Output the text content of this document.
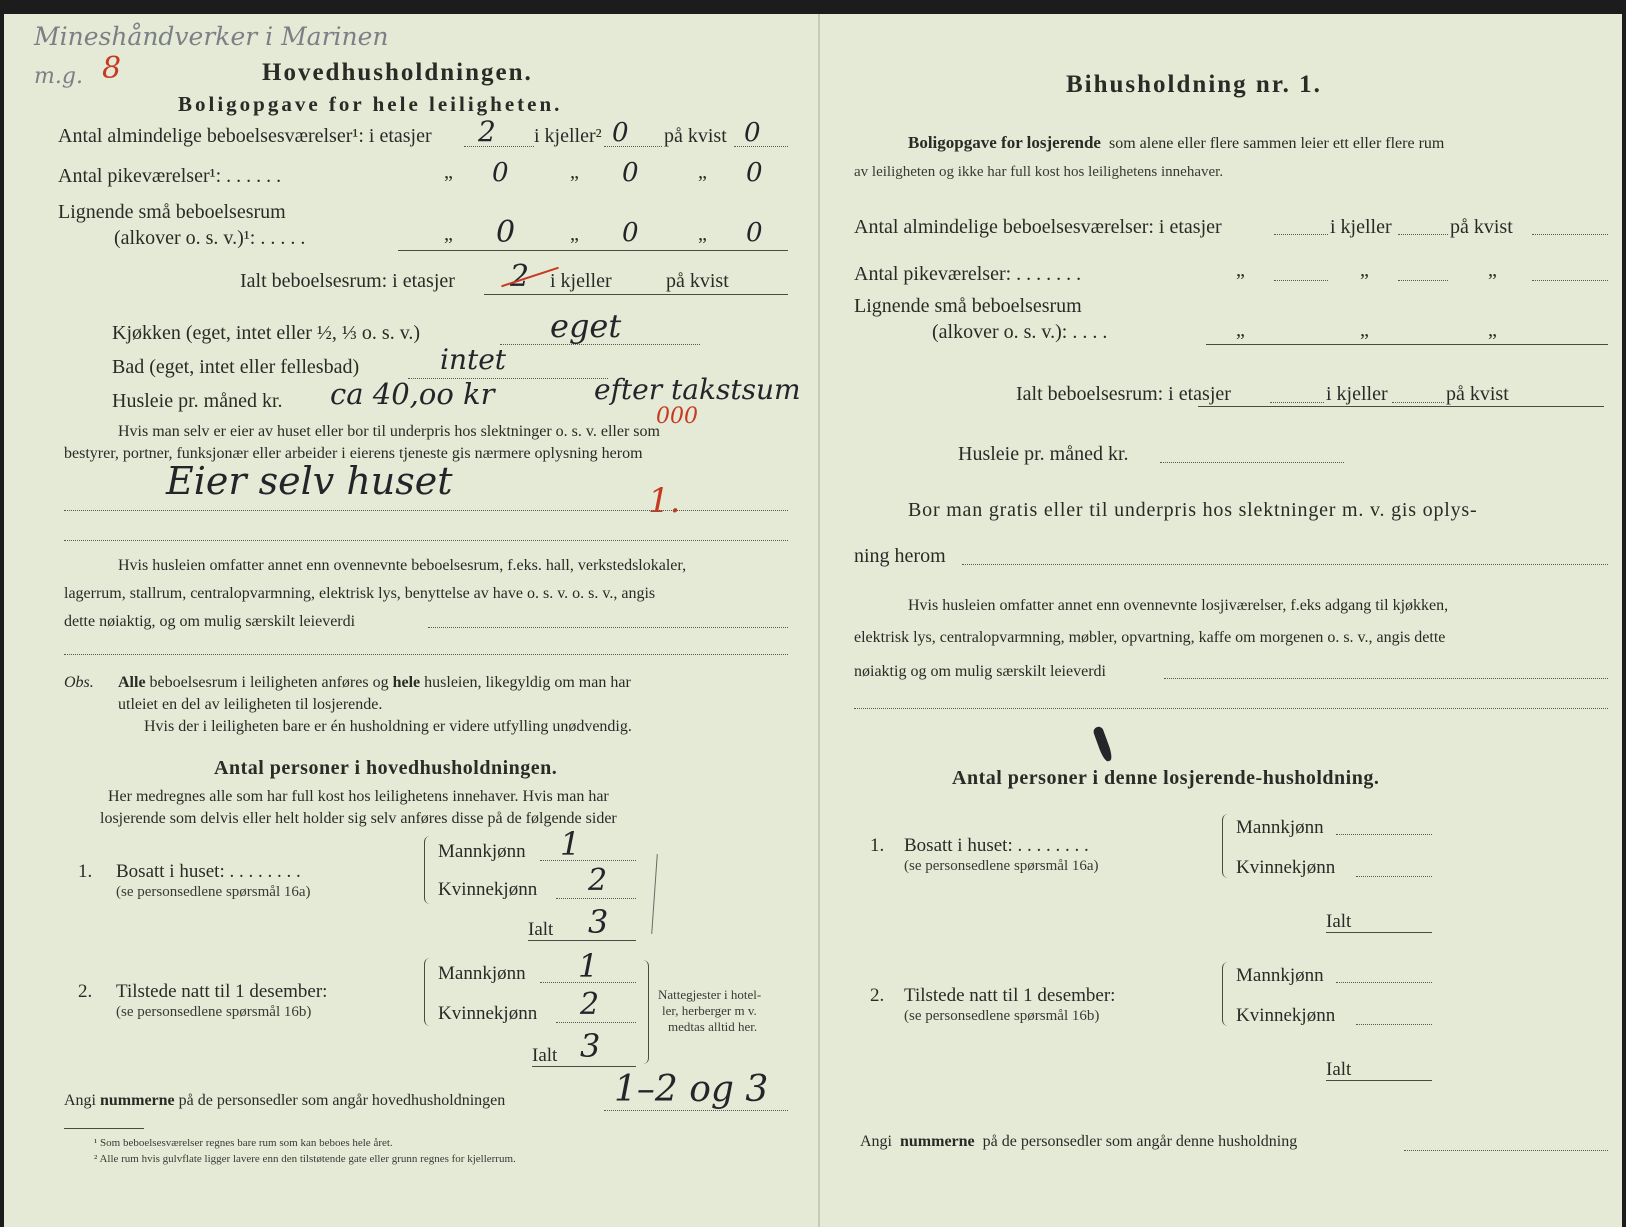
Mineshåndverker i Marinen
m.g. 8	Hovedhusholdningen.
Boligopgave for hele leiligheten.
Antal almindelige beboelsesværelser¹: i etasjer 2 i kjeller² 0 på kvist 0
Antal pikeværelser¹: . . . . . .	„ 0	„ 0	„ 0
Lignende små beboelsesrum
(alkover o. s. v.)¹: . . . . .	„ 0	„ 0	„ 0
Ialt beboelsesrum: i etasjer 2 i kjeller	på kvist
Kjøkken (eget, intet eller ½, ⅓ o. s. v.)	eget
Bad (eget, intet eller fellesbad)	intet
Husleie pr. måned kr. ca 40,oo kr	efter takstsum
000
Hvis man selv er eier av huset eller bor til underpris hos slektninger o. s. v. eller som
bestyrer, portner, funksjonær eller arbeider i eierens tjeneste gis nærmere oplysning herom
Eier selv huset	1.
Hvis husleien omfatter annet enn ovennevnte beboelsesrum, f.eks. hall, verkstedslokaler,
lagerrum, stallrum, centralopvarmning, elektrisk lys, benyttelse av have o. s. v. o. s. v., angis
dette nøiaktig, og om mulig særskilt leieverdi
Obs. Alle beboelsesrum i leiligheten anføres og hele husleien, likegyldig om man har
utleiet en del av leiligheten til losjerende.
Hvis der i leiligheten bare er én husholdning er videre utfylling unødvendig.
Antal personer i hovedhusholdningen.
Her medregnes alle som har full kost hos leilighetens innehaver. Hvis man har
losjerende som delvis eller helt holder sig selv anføres disse på de følgende sider
1. Bosatt i huset: . . . . . . . .
(se personsedlene spørsmål 16a)
Mannkjønn 1
Kvinnekjønn 2
Ialt 3
2. Tilstede natt til 1 desember:
(se personsedlene spørsmål 16b)
Mannkjønn 1
Kvinnekjønn 2
Ialt 3
Nattegjester i hotel-
ler, herberger m v.
medtas alltid her.
Angi nummerne på de personsedler som angår hovedhusholdningen	1–2 og 3
¹ Som beboelsesværelser regnes bare rum som kan beboes hele året.
² Alle rum hvis gulvflate ligger lavere enn den tilstøtende gate eller grunn regnes for kjellerrum.
Bihusholdning nr. 1.
Boligopgave for losjerende som alene eller flere sammen leier ett eller flere rum
av leiligheten og ikke har full kost hos leilighetens innehaver.
Antal almindelige beboelsesværelser: i etasjer	i kjeller	på kvist
Antal pikeværelser: . . . . . . .	„	„	„
Lignende små beboelsesrum
(alkover o. s. v.): . . . .	„	„	„
Ialt beboelsesrum: i etasjer	i kjeller	på kvist
Husleie pr. måned kr.
Bor man gratis eller til underpris hos slektninger m. v. gis oplys-
ning herom
Hvis husleien omfatter annet enn ovennevnte losjiværelser, f.eks adgang til kjøkken,
elektrisk lys, centralopvarmning, møbler, opvartning, kaffe om morgenen o. s. v., angis dette
nøiaktig og om mulig særskilt leieverdi
Antal personer i denne losjerende-husholdning.
1. Bosatt i huset: . . . . . . . .
(se personsedlene spørsmål 16a)
Mannkjønn
Kvinnekjønn
Ialt
2. Tilstede natt til 1 desember:
(se personsedlene spørsmål 16b)
Mannkjønn
Kvinnekjønn
Ialt
Angi nummerne på de personsedler som angår denne husholdning
